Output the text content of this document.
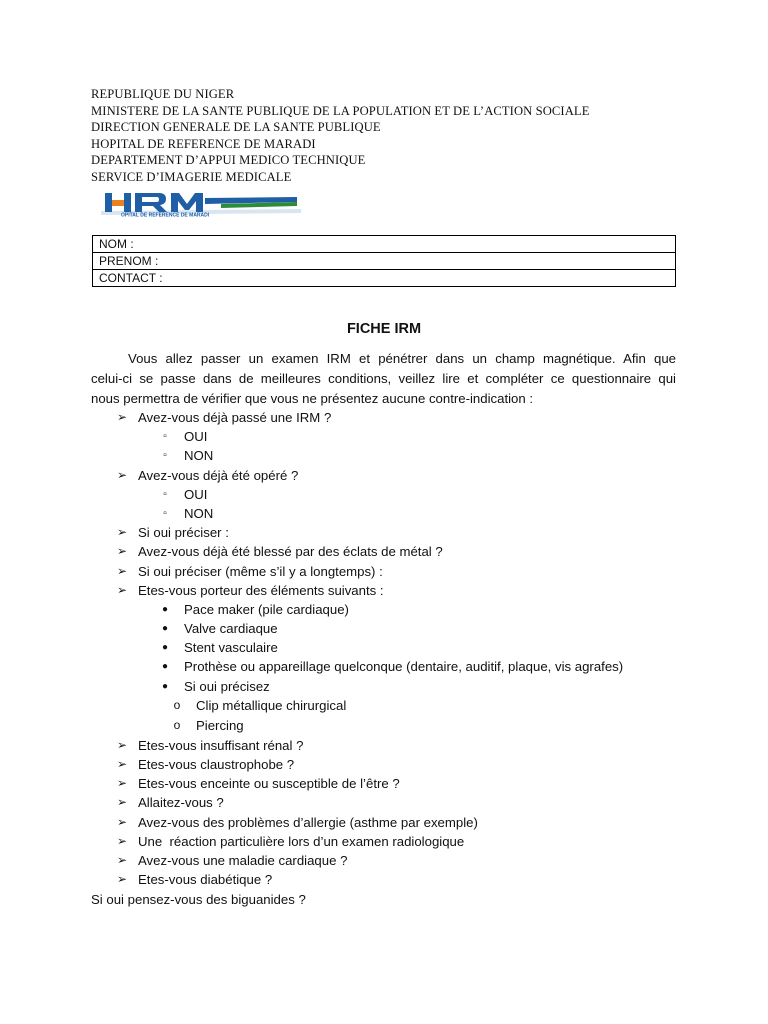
REPUBLIQUE DU NIGER
MINISTERE DE LA SANTE PUBLIQUE DE LA POPULATION ET DE L’ACTION SOCIALE
DIRECTION GENERALE DE LA SANTE PUBLIQUE
HOPITAL DE REFERENCE DE MARADI
DEPARTEMENT D’APPUI MEDICO TECHNIQUE
SERVICE D’IMAGERIE MEDICALE
OPITAL DE REFERENCE DE MARADI
NOM :
PRENOM :
CONTACT :
FICHE IRM

Vous allez passer un examen IRM et pénétrer dans un champ magnétique. Afin que
celui-ci se passe dans de meilleures conditions, veillez lire et compléter ce questionnaire qui
nous permettra de vérifier que vous ne présentez aucune contre-indication :

➢ Avez-vous déjà passé une IRM ?
▫	OUI
▫	NON
➢ Avez-vous déjà été opéré ?
▫	OUI
▫	NON
➢ Si oui préciser :
➢ Avez-vous déjà été blessé par des éclats de métal ?
➢ Si oui préciser (même s’il y a longtemps) :
➢ Etes-vous porteur des éléments suivants :
●	Pace maker (pile cardiaque)
●	Valve cardiaque
●	Stent vasculaire
●	Prothèse ou appareillage quelconque (dentaire, auditif, plaque, vis agrafes)
●	Si oui précisez
o Clip métallique chirurgical
o Piercing
➢ Etes-vous insuffisant rénal ?
➢ Etes-vous claustrophobe ?
➢ Etes-vous enceinte ou susceptible de l’être ?
➢ Allaitez-vous ?
➢ Avez-vous des problèmes d’allergie (asthme par exemple)
➢ Une  réaction particulière lors d’un examen radiologique
➢ Avez-vous une maladie cardiaque ?
➢ Etes-vous diabétique ?
Si oui pensez-vous des biguanides ?
